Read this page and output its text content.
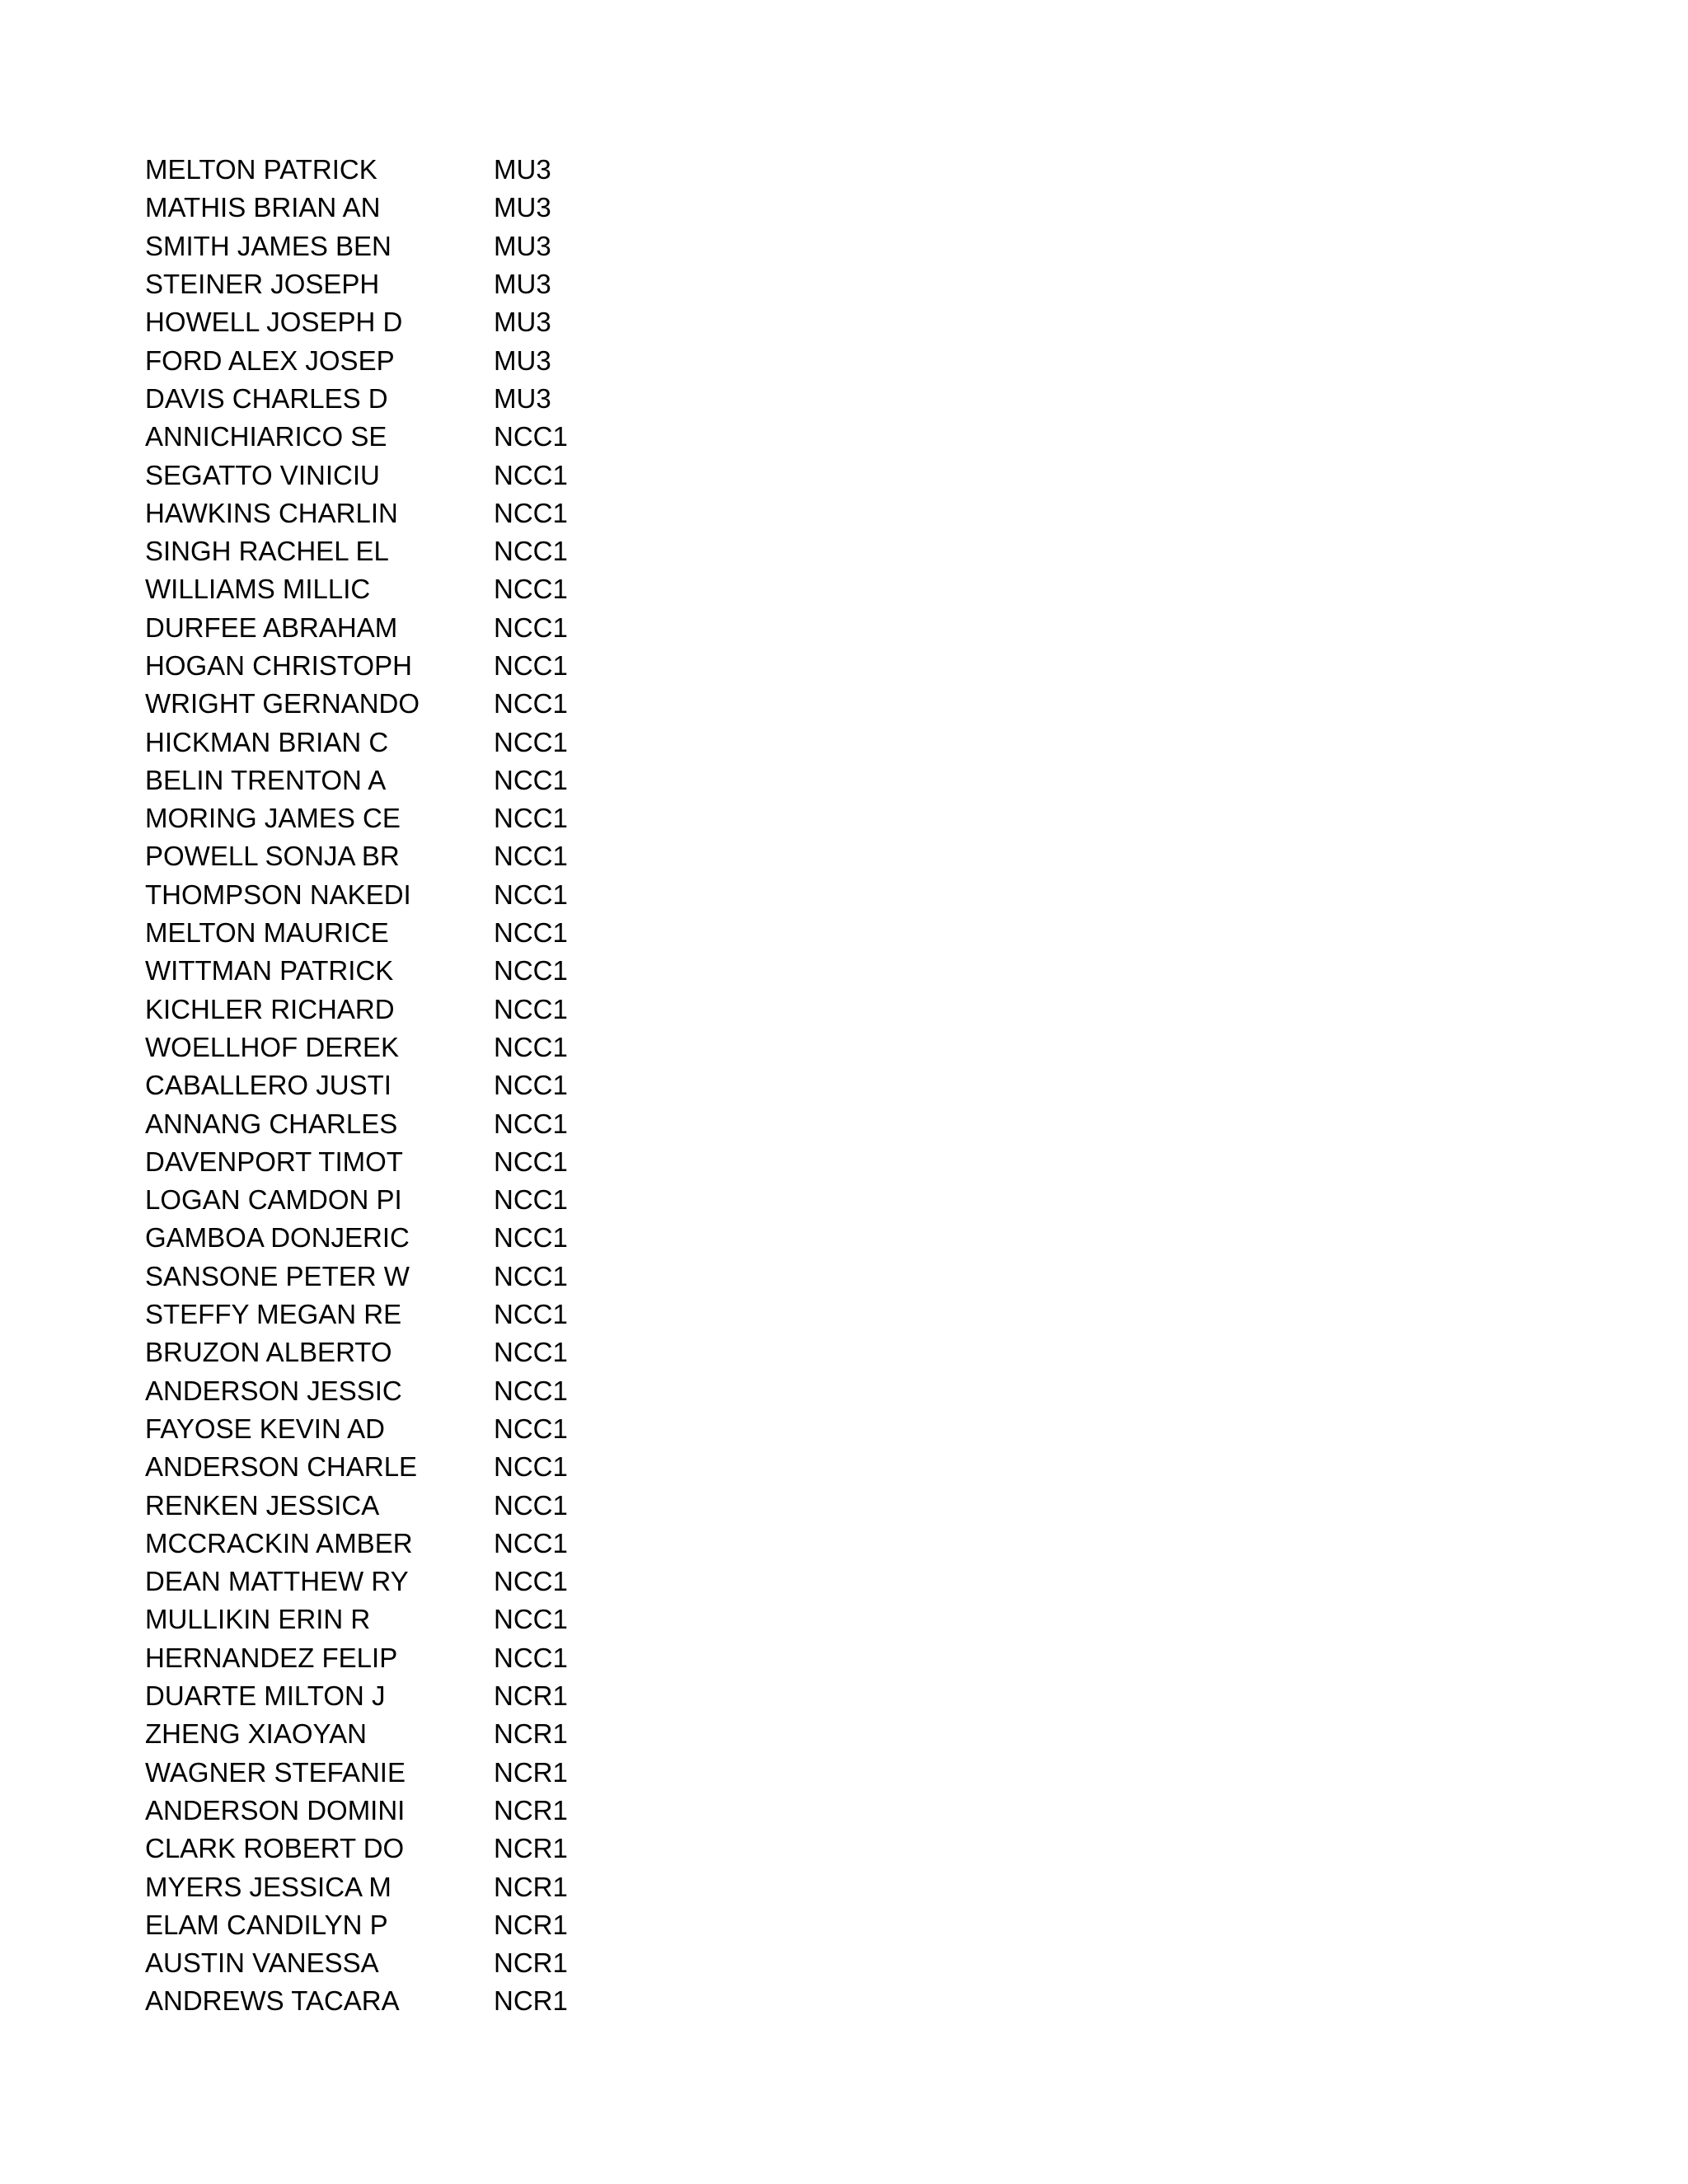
MELTON PATRICK	MU3
MATHIS BRIAN AN	MU3
SMITH JAMES BEN	MU3
STEINER JOSEPH	MU3
HOWELL JOSEPH D	MU3
FORD ALEX JOSEP	MU3
DAVIS CHARLES D	MU3
ANNICHIARICO SE	NCC1
SEGATTO VINICIU	NCC1
HAWKINS CHARLIN	NCC1
SINGH RACHEL EL	NCC1
WILLIAMS MILLIC	NCC1
DURFEE ABRAHAM	NCC1
HOGAN CHRISTOPH	NCC1
WRIGHT GERNANDO	NCC1
HICKMAN BRIAN C	NCC1
BELIN TRENTON A	NCC1
MORING JAMES CE	NCC1
POWELL SONJA BR	NCC1
THOMPSON NAKEDI	NCC1
MELTON MAURICE	NCC1
WITTMAN PATRICK	NCC1
KICHLER RICHARD	NCC1
WOELLHOF DEREK	NCC1
CABALLERO JUSTI	NCC1
ANNANG CHARLES	NCC1
DAVENPORT TIMOT	NCC1
LOGAN CAMDON PI	NCC1
GAMBOA DONJERIC	NCC1
SANSONE PETER W	NCC1
STEFFY MEGAN RE	NCC1
BRUZON ALBERTO	NCC1
ANDERSON JESSIC	NCC1
FAYOSE KEVIN AD	NCC1
ANDERSON CHARLE	NCC1
RENKEN JESSICA	NCC1
MCCRACKIN AMBER	NCC1
DEAN MATTHEW RY	NCC1
MULLIKIN ERIN R	NCC1
HERNANDEZ FELIP	NCC1
DUARTE MILTON J	NCR1
ZHENG XIAOYAN	NCR1
WAGNER STEFANIE	NCR1
ANDERSON DOMINI	NCR1
CLARK ROBERT DO	NCR1
MYERS JESSICA M	NCR1
ELAM CANDILYN P	NCR1
AUSTIN VANESSA	NCR1
ANDREWS TACARA	NCR1
